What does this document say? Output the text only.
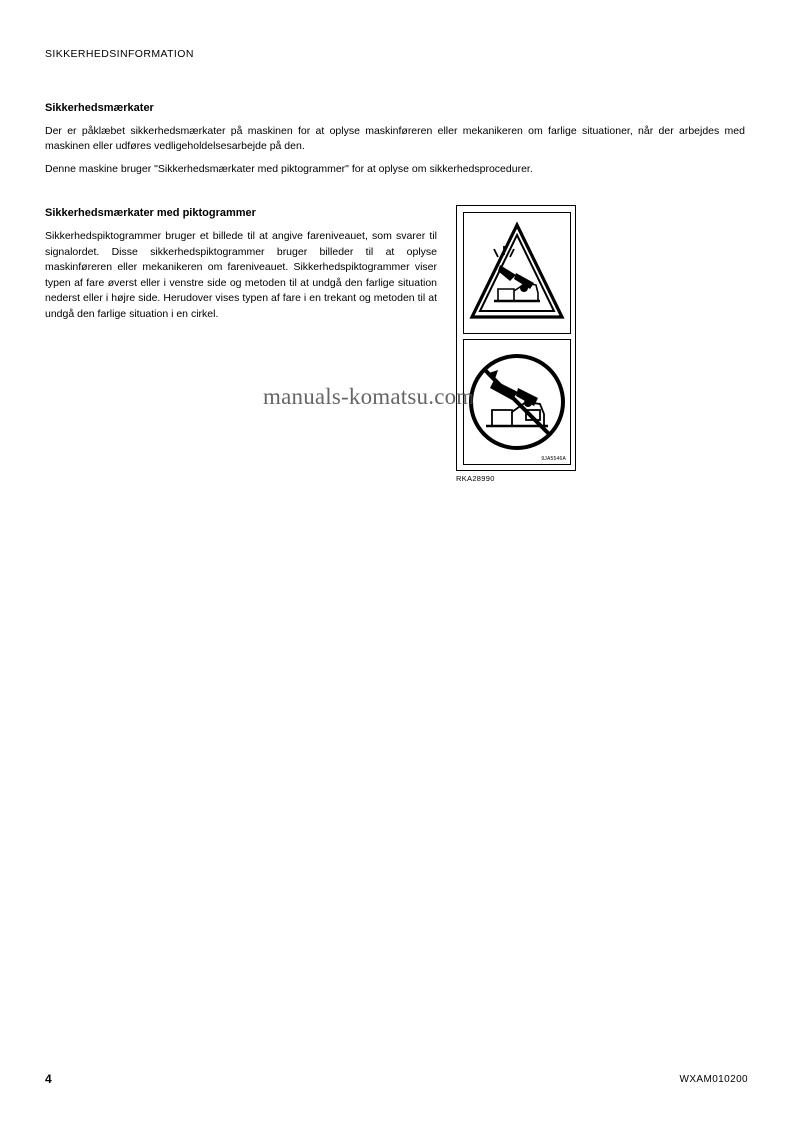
SIKKERHEDSINFORMATION
Sikkerhedsmærkater
Der er påklæbet sikkerhedsmærkater på maskinen for at oplyse maskinføreren eller mekanikeren om farlige situationer, når der arbejdes med maskinen eller udføres vedligeholdelsesarbejde på den.
Denne maskine bruger "Sikkerhedsmærkater med piktogrammer" for at oplyse om sikkerhedsprocedurer.
Sikkerhedsmærkater med piktogrammer
Sikkerhedspiktogrammer bruger et billede til at angive fareniveauet, som svarer til signalordet. Disse sikkerhedspiktogrammer bruger billeder til at oplyse maskinføreren eller mekanikeren om fareniveauet. Sikkerhedspiktogrammer viser typen af fare øverst eller i venstre side og metoden til at undgå den farlige situation nederst eller i højre side. Herudover vises typen af fare i en trekant og metoden til at undgå den farlige situation i en cirkel.
9JA5546A
RKA28990
manuals-komatsu.com
4	WXAM010200
